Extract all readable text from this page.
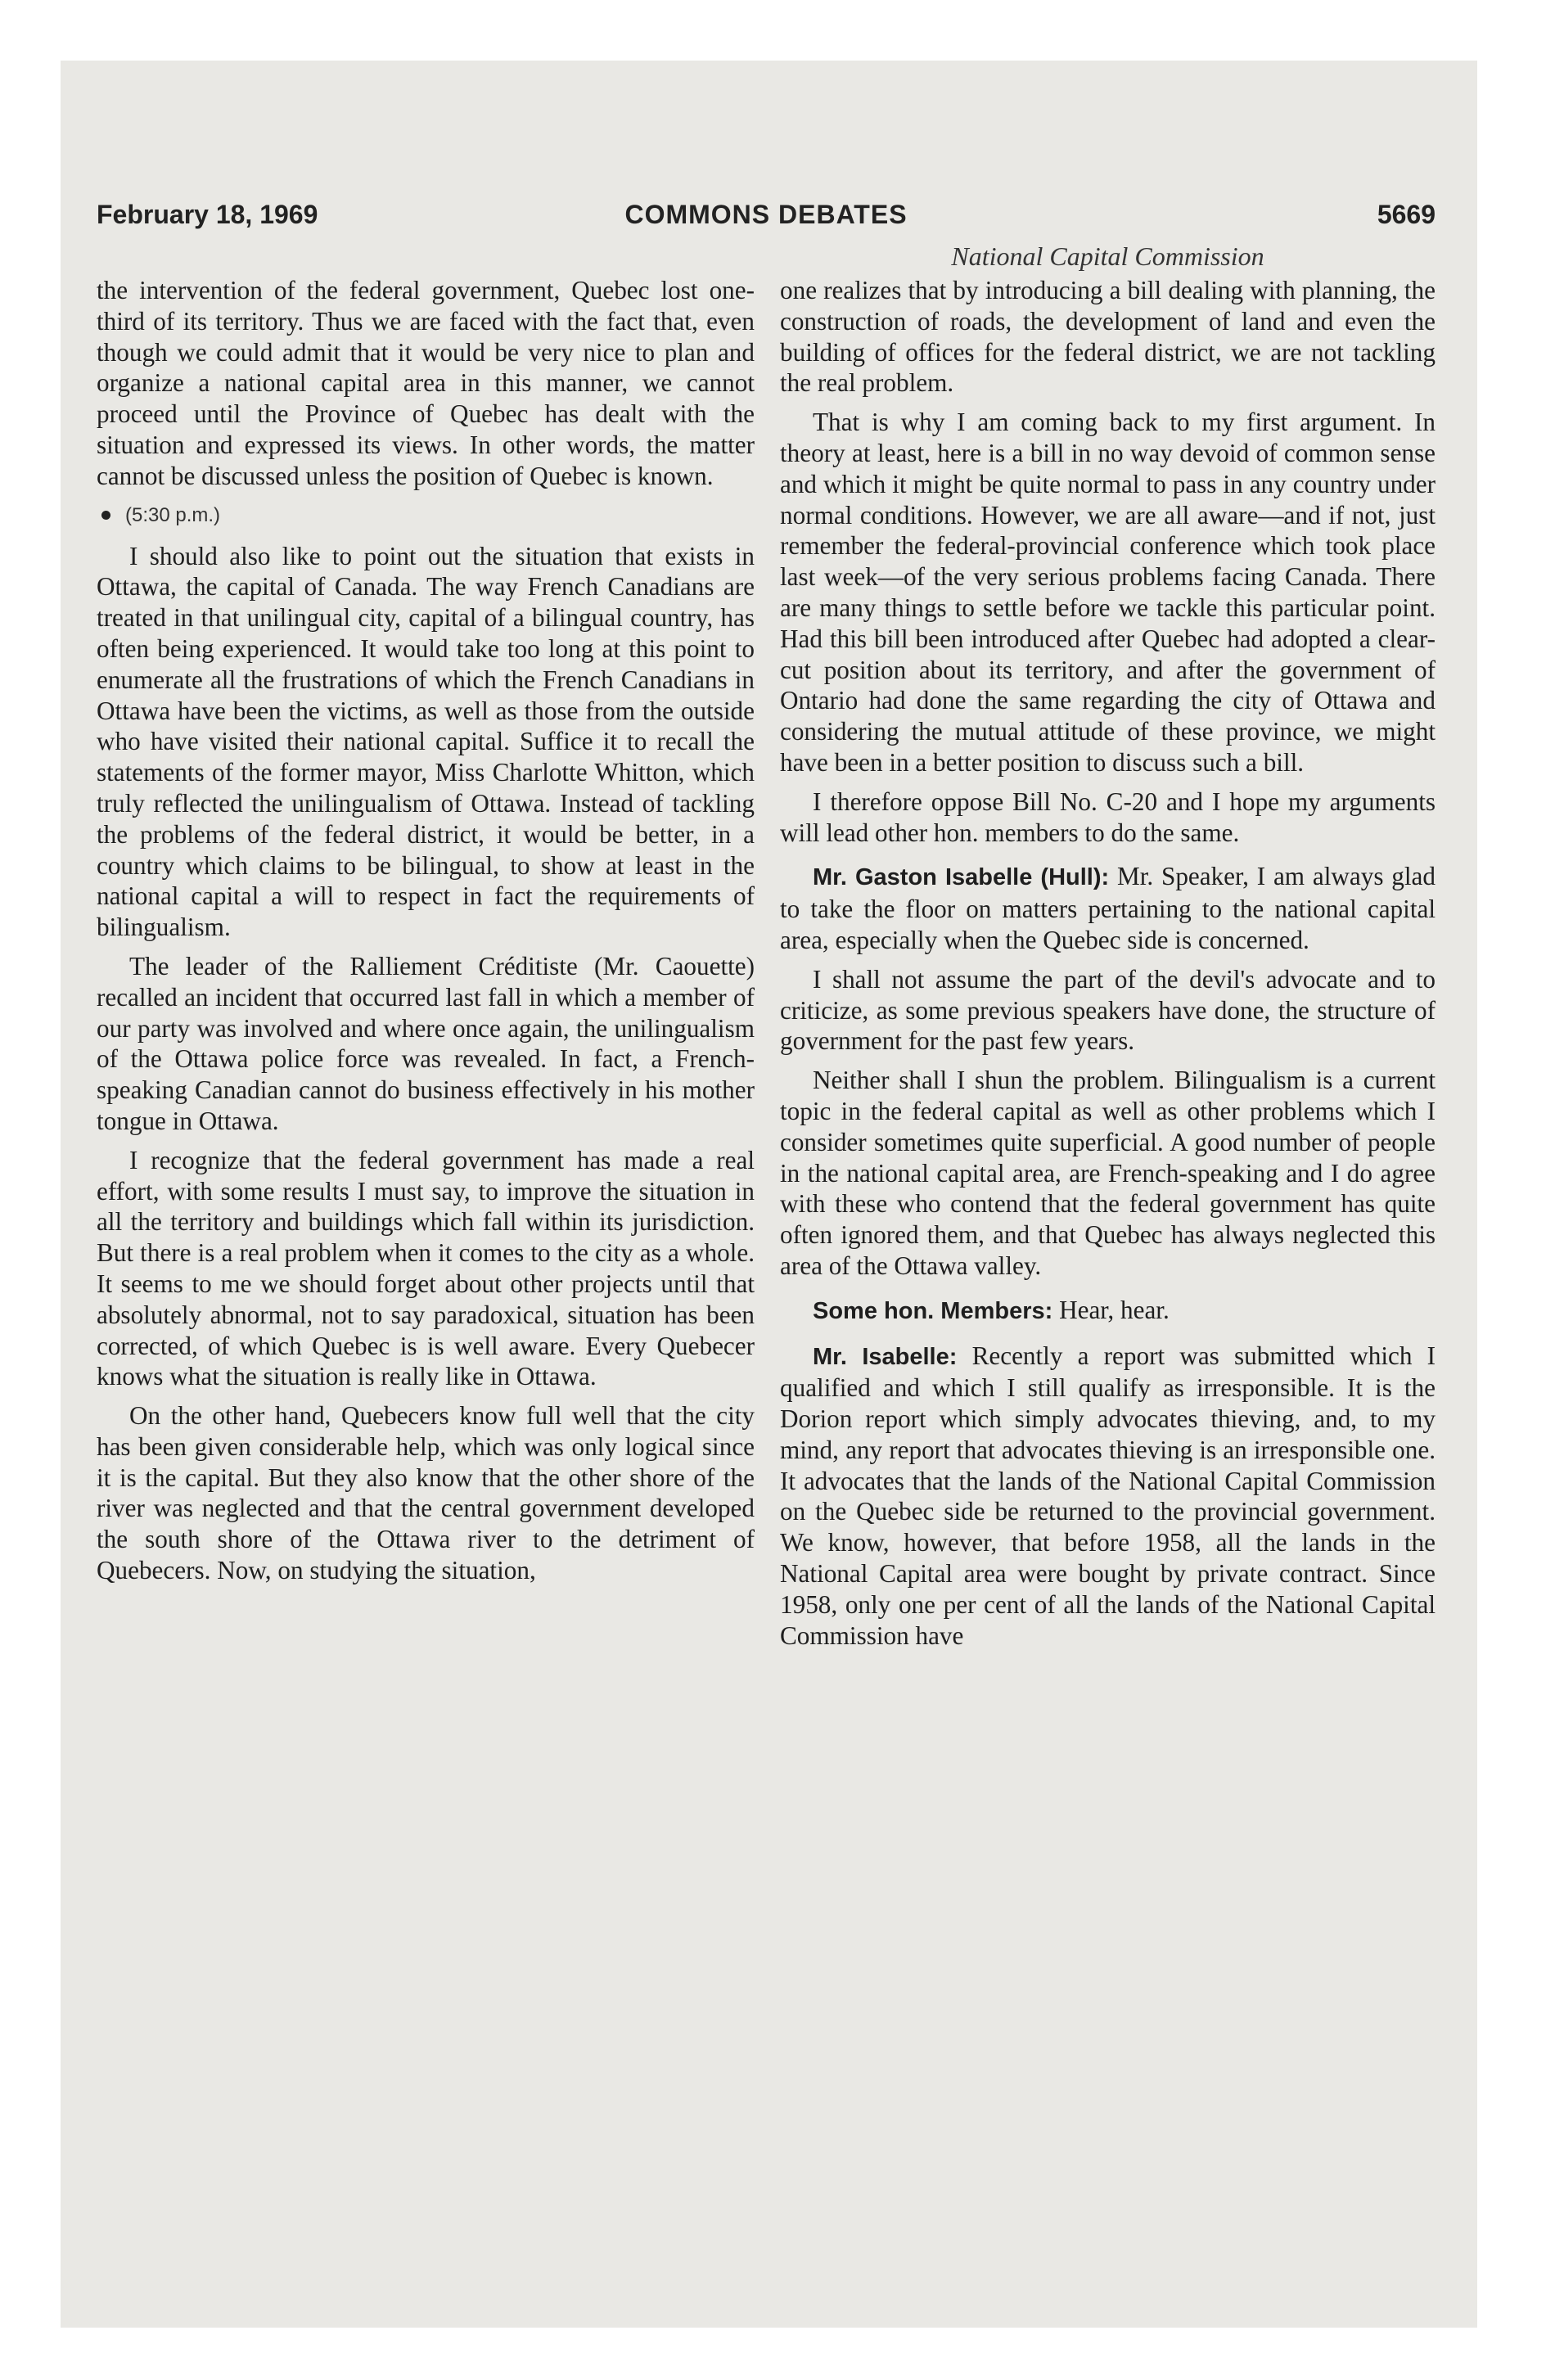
February 18, 1969	COMMONS DEBATES	5669

the intervention of the federal government, Quebec lost one-third of its territory. Thus we are faced with the fact that, even though we could admit that it would be very nice to plan and organize a national capital area in this manner, we cannot proceed until the Province of Quebec has dealt with the situation and expressed its views. In other words, the matter cannot be discussed unless the position of Quebec is known.

(5:30 p.m.)

I should also like to point out the situation that exists in Ottawa, the capital of Canada. The way French Canadians are treated in that unilingual city, capital of a bilingual country, has often being experienced. It would take too long at this point to enumerate all the frustrations of which the French Canadians in Ottawa have been the victims, as well as those from the outside who have visited their national capital. Suffice it to recall the statements of the former mayor, Miss Charlotte Whitton, which truly reflected the unilingualism of Ottawa. Instead of tackling the problems of the federal district, it would be better, in a country which claims to be bilingual, to show at least in the national capital a will to respect in fact the requirements of bilingualism.

The leader of the Ralliement Créditiste (Mr. Caouette) recalled an incident that occurred last fall in which a member of our party was involved and where once again, the unilingualism of the Ottawa police force was revealed. In fact, a French-speaking Canadian cannot do business effectively in his mother tongue in Ottawa.

I recognize that the federal government has made a real effort, with some results I must say, to improve the situation in all the territory and buildings which fall within its jurisdiction. But there is a real problem when it comes to the city as a whole. It seems to me we should forget about other projects until that absolutely abnormal, not to say paradoxical, situation has been corrected, of which Quebec is is well aware. Every Quebecer knows what the situation is really like in Ottawa.

On the other hand, Quebecers know full well that the city has been given considerable help, which was only logical since it is the capital. But they also know that the other shore of the river was neglected and that the central government developed the south shore of the Ottawa river to the detriment of Quebecers. Now, on studying the situation,

National Capital Commission

one realizes that by introducing a bill dealing with planning, the construction of roads, the development of land and even the building of offices for the federal district, we are not tackling the real problem.

That is why I am coming back to my first argument. In theory at least, here is a bill in no way devoid of common sense and which it might be quite normal to pass in any country under normal conditions. However, we are all aware—and if not, just remember the federal-provincial conference which took place last week—of the very serious problems facing Canada. There are many things to settle before we tackle this particular point. Had this bill been introduced after Quebec had adopted a clear-cut position about its territory, and after the government of Ontario had done the same regarding the city of Ottawa and considering the mutual attitude of these province, we might have been in a better position to discuss such a bill.

I therefore oppose Bill No. C-20 and I hope my arguments will lead other hon. members to do the same.

Mr. Gaston Isabelle (Hull): Mr. Speaker, I am always glad to take the floor on matters pertaining to the national capital area, especially when the Quebec side is concerned.

I shall not assume the part of the devil's advocate and to criticize, as some previous speakers have done, the structure of government for the past few years.

Neither shall I shun the problem. Bilingualism is a current topic in the federal capital as well as other problems which I consider sometimes quite superficial. A good number of people in the national capital area, are French-speaking and I do agree with these who contend that the federal government has quite often ignored them, and that Quebec has always neglected this area of the Ottawa valley.

Some hon. Members: Hear, hear.

Mr. Isabelle: Recently a report was submitted which I qualified and which I still qualify as irresponsible. It is the Dorion report which simply advocates thieving, and, to my mind, any report that advocates thieving is an irresponsible one. It advocates that the lands of the National Capital Commission on the Quebec side be returned to the provincial government. We know, however, that before 1958, all the lands in the National Capital area were bought by private contract. Since 1958, only one per cent of all the lands of the National Capital Commission have
